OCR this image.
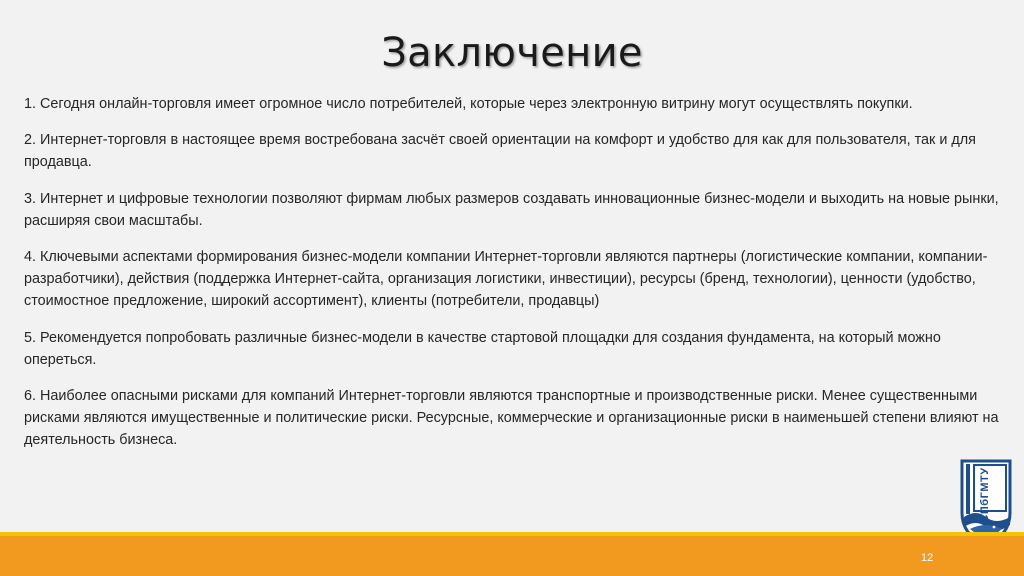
Заключение

1. Сегодня онлайн-торговля имеет огромное число потребителей, которые через электронную витрину могут осуществлять покупки.

2. Интернет-торговля в настоящее время востребована засчёт своей ориентации на комфорт и удобство для как для пользователя, так и для продавца.

3. Интернет и цифровые технологии позволяют фирмам любых размеров создавать инновационные бизнес-модели и выходить на новые рынки, расширяя свои масштабы.

4. Ключевыми аспектами формирования бизнес-модели компании Интернет-торговли являются партнеры (логистические компании, компании-разработчики), действия (поддержка Интернет-сайта, организация логистики, инвестиции), ресурсы (бренд, технологии), ценности (удобство, стоимостное предложение, широкий ассортимент), клиенты (потребители, продавцы)

5. Рекомендуется попробовать различные бизнес-модели в качестве стартовой площадки для создания фундамента, на который можно опереться.

6. Наиболее опасными рисками для компаний Интернет-торговли являются транспортные и производственные риски. Менее существенными рисками являются имущественные и политические риски. Ресурсные, коммерческие и организационные риски в наименьшей степени влияют на деятельность бизнеса.

СПбГМТУ
12
